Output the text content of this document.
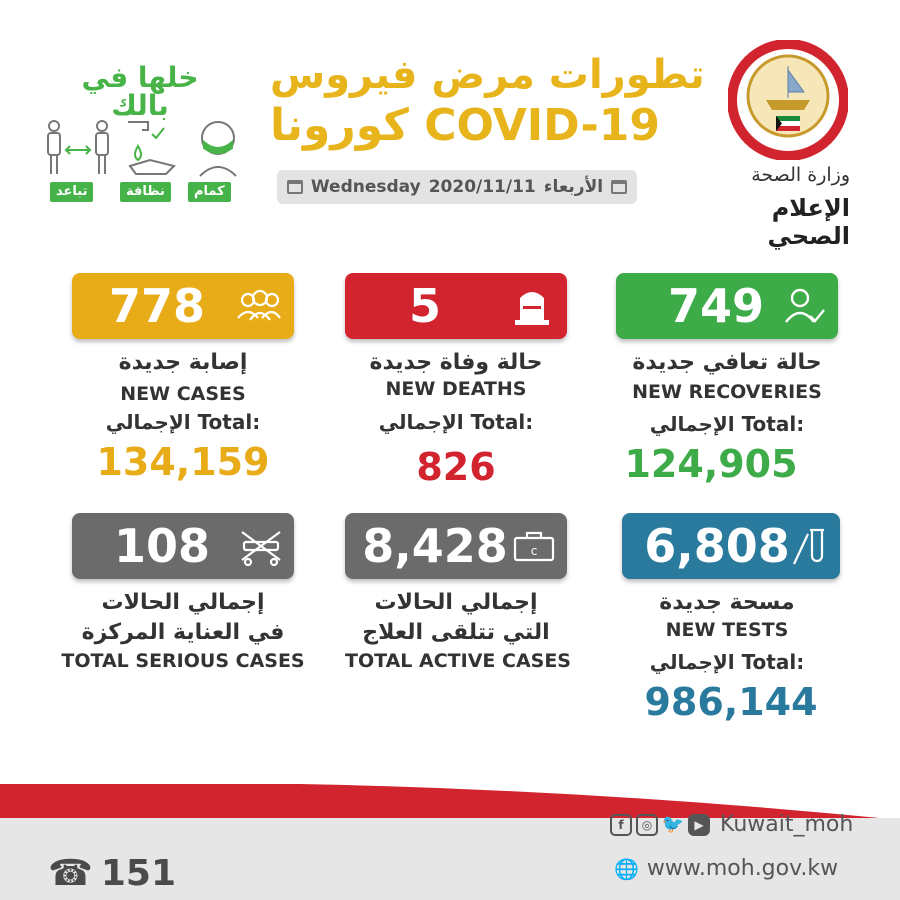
تطورات مرض فيروس
كورونا COVID-19
Wednesday 2020/11/11 الأربعاء
خلها في بالك
تباعد	نظافة	كمام
وزارة الصحة
الإعلام الصحي
778
إصابة جديدة
NEW CASES
الإجمالي Total:
134,159
5
حالة وفاة جديدة
NEW DEATHS
الإجمالي Total:
826
749
حالة تعافي جديدة
NEW RECOVERIES
الإجمالي Total:
124,905
108
إجمالي الحالات
في العناية المركزة
TOTAL SERIOUS CASES
8,428	c
إجمالي الحالات
التي تتلقى العلاج
TOTAL ACTIVE CASES
6,808
مسحة جديدة
NEW TESTS
الإجمالي Total:
986,144
☎ 151
f	◎ 🐦 ▶ Kuwait_moh
🌐 www.moh.gov.kw
